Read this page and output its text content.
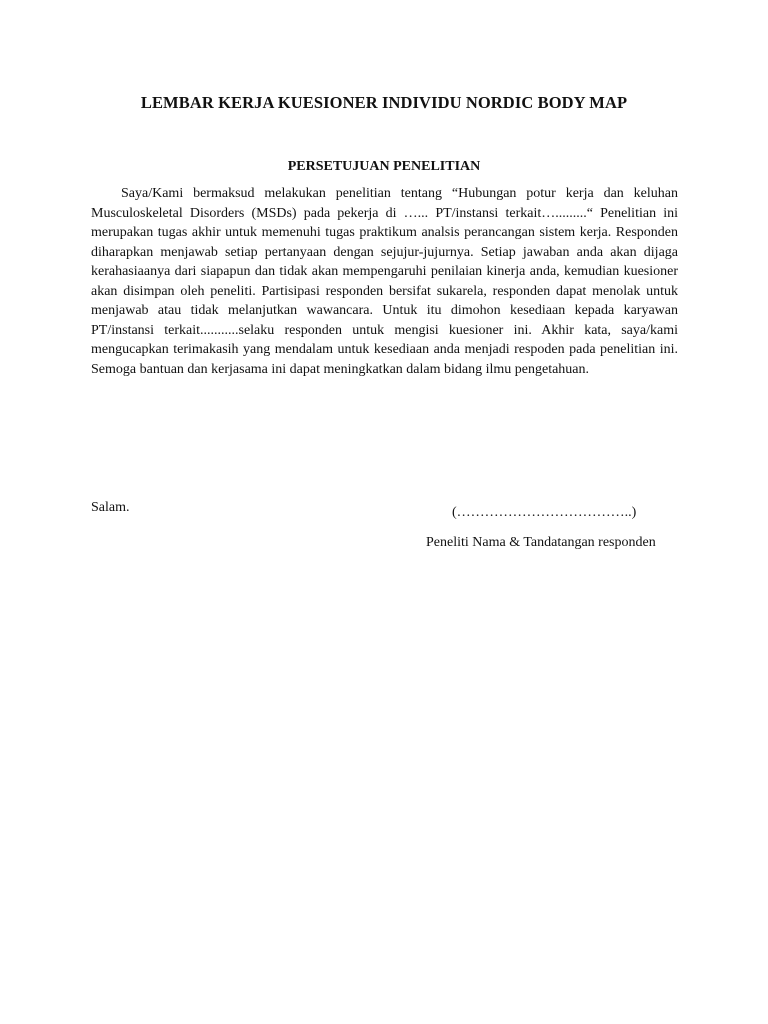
LEMBAR KERJA KUESIONER INDIVIDU NORDIC BODY MAP
PERSETUJUAN PENELITIAN

Saya/Kami bermaksud melakukan penelitian tentang “Hubungan potur kerja dan keluhan Musculoskeletal Disorders (MSDs) pada pekerja di …... PT/instansi terkait….........“ Penelitian ini merupakan tugas akhir untuk memenuhi tugas praktikum analsis perancangan sistem kerja. Responden diharapkan menjawab setiap pertanyaan dengan sejujur-jujurnya. Setiap jawaban anda akan dijaga kerahasiaanya dari siapapun dan tidak akan mempengaruhi penilaian kinerja anda, kemudian kuesioner akan disimpan oleh peneliti. Partisipasi responden bersifat sukarela, responden dapat menolak untuk menjawab atau tidak melanjutkan wawancara. Untuk itu dimohon kesediaan kepada karyawan PT/instansi terkait...........selaku responden untuk mengisi kuesioner ini. Akhir kata, saya/kami mengucapkan terimakasih yang mendalam untuk kesediaan anda menjadi respoden pada penelitian ini. Semoga bantuan dan kerjasama ini dapat meningkatkan dalam bidang ilmu pengetahuan.

Salam.	(………………………………..)

Peneliti Nama & Tandatangan responden
